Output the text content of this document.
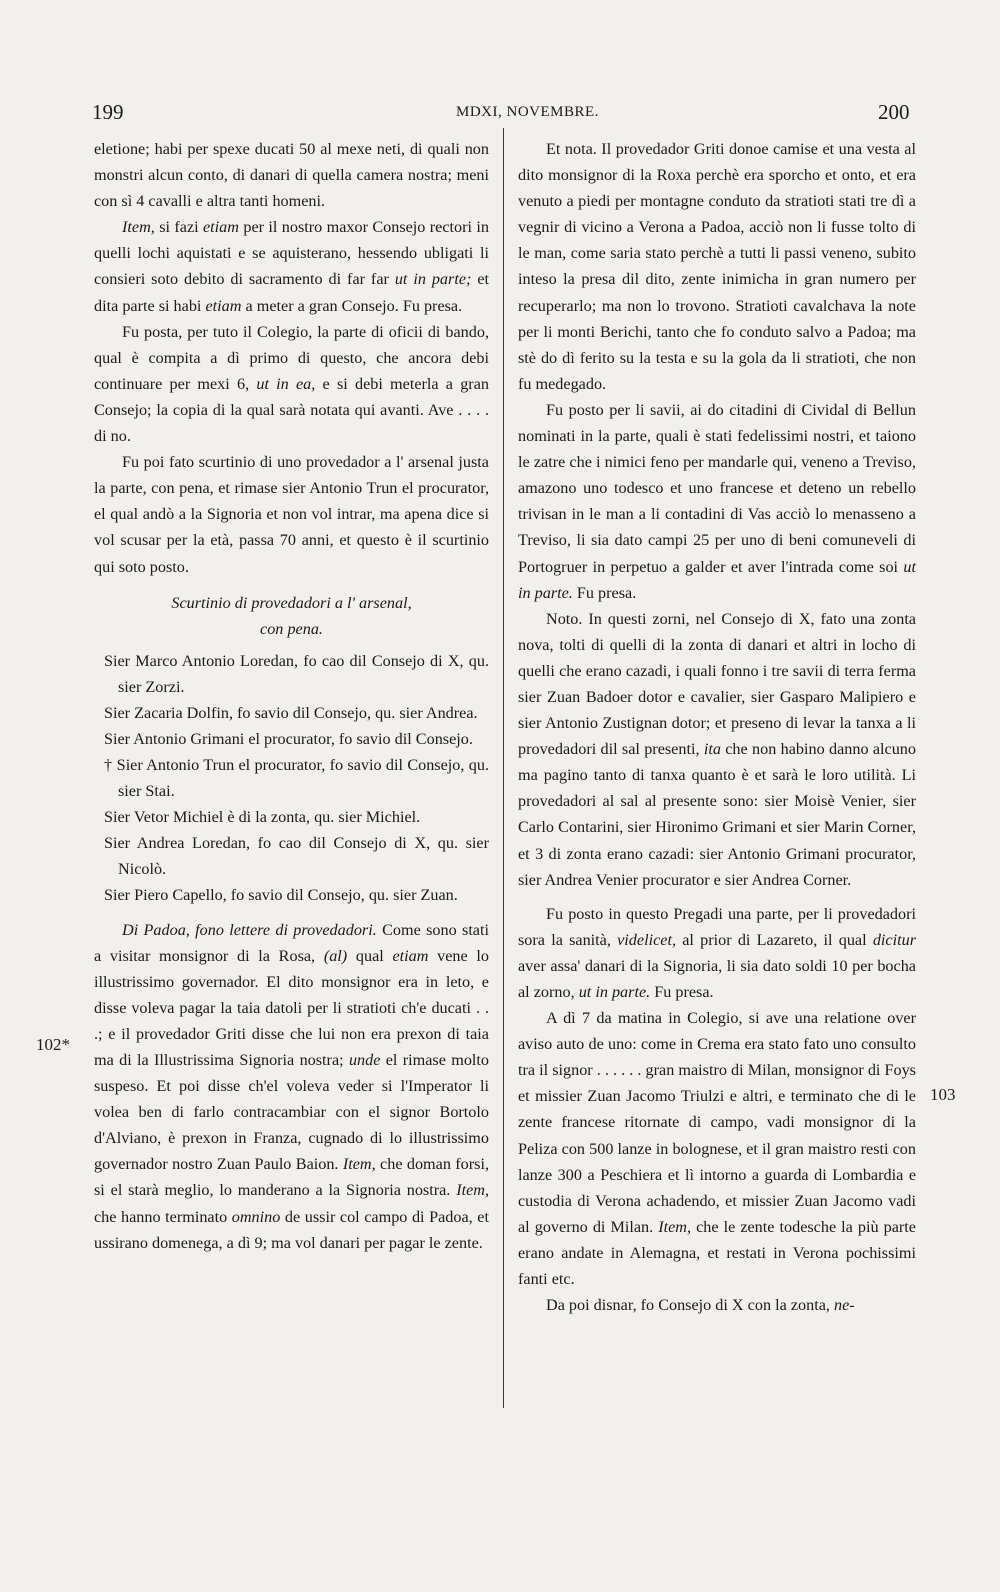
199	MDXI, NOVEMBRE.	200
102*
103

eletione; habi per spexe ducati 50 al mexe neti, di quali non monstri alcun conto, di danari di quella camera nostra; meni con sì 4 cavalli e altra tanti homeni.

Item, si fazi etiam per il nostro maxor Consejo rectori in quelli lochi aquistati e se aquisterano, hessendo ubligati li consieri soto debito di sacramento di far far ut in parte; et dita parte si habi etiam a meter a gran Consejo. Fu presa.

Fu posta, per tuto il Colegio, la parte di oficii di bando, qual è compita a dì primo di questo, che ancora debi continuare per mexi 6, ut in ea, e si debi meterla a gran Consejo; la copia di la qual sarà notata qui avanti. Ave . . . . di no.

Fu poi fato scurtinio di uno provedador a l' arsenal justa la parte, con pena, et rimase sier Antonio Trun el procurator, el qual andò a la Signoria et non vol intrar, ma apena dice si vol scusar per la età, passa 70 anni, et questo è il scurtinio qui soto posto.

Scurtinio di provedadori a l' arsenal,
con pena.

Sier Marco Antonio Loredan, fo cao dil Consejo di X, qu. sier Zorzi.

Sier Zacaria Dolfin, fo savio dil Consejo, qu. sier Andrea.

Sier Antonio Grimani el procurator, fo savio dil Consejo.

† Sier Antonio Trun el procurator, fo savio dil Consejo, qu. sier Stai.

Sier Vetor Michiel è di la zonta, qu. sier Michiel.

Sier Andrea Loredan, fo cao dil Consejo di X, qu. sier Nicolò.

Sier Piero Capello, fo savio dil Consejo, qu. sier Zuan.

Di Padoa, fono lettere di provedadori. Come sono stati a visitar monsignor di la Rosa, (al) qual etiam vene lo illustrissimo governador. El dito monsignor era in leto, e disse voleva pagar la taia datoli per li stratioti ch'e ducati . . .; e il provedador Griti disse che lui non era prexon di taia ma di la Illustrissima Signoria nostra; unde el rimase molto suspeso. Et poi disse ch'el voleva veder si l'Imperator li volea ben di farlo contracambiar con el signor Bortolo d'Alviano, è prexon in Franza, cugnado di lo illustrissimo governador nostro Zuan Paulo Baion. Item, che doman forsi, si el starà meglio, lo manderano a la Signoria nostra. Item, che hanno terminato omnino de ussir col campo di Padoa, et ussirano domenega, a dì 9; ma vol danari per pagar le zente.

Et nota. Il provedador Griti donoe camise et una vesta al dito monsignor di la Roxa perchè era sporcho et onto, et era venuto a piedi per montagne conduto da stratioti stati tre dì a vegnir di vicino a Verona a Padoa, acciò non li fusse tolto di le man, come saria stato perchè a tutti li passi veneno, subito inteso la presa dil dito, zente inimicha in gran numero per recuperarlo; ma non lo trovono. Stratioti cavalchava la note per li monti Berichi, tanto che fo conduto salvo a Padoa; ma stè do dì ferito su la testa e su la gola da li stratioti, che non fu medegado.

Fu posto per li savii, ai do citadini di Cividal di Bellun nominati in la parte, quali è stati fedelissimi nostri, et taiono le zatre che i nimici feno per mandarle qui, veneno a Treviso, amazono uno todesco et uno francese et deteno un rebello trivisan in le man a li contadini di Vas acciò lo menasseno a Treviso, li sia dato campi 25 per uno di beni comuneveli di Portogruer in perpetuo a galder et aver l'intrada come soi ut in parte. Fu presa.

Noto. In questi zorni, nel Consejo di X, fato una zonta nova, tolti di quelli di la zonta di danari et altri in locho di quelli che erano cazadi, i quali fonno i tre savii di terra ferma sier Zuan Badoer dotor e cavalier, sier Gasparo Malipiero e sier Antonio Zustignan dotor; et preseno di levar la tanxa a li provedadori dil sal presenti, ita che non habino danno alcuno ma pagino tanto di tanxa quanto è et sarà le loro utilità. Li provedadori al sal al presente sono: sier Moisè Venier, sier Carlo Contarini, sier Hironimo Grimani et sier Marin Corner, et 3 di zonta erano cazadi: sier Antonio Grimani procurator, sier Andrea Venier procurator e sier Andrea Corner.

Fu posto in questo Pregadi una parte, per li provedadori sora la sanità, videlicet, al prior di Lazareto, il qual dicitur aver assa' danari di la Signoria, li sia dato soldi 10 per bocha al zorno, ut in parte. Fu presa.

A dì 7 da matina in Colegio, si ave una relatione over aviso auto de uno: come in Crema era stato fato uno consulto tra il signor . . . . . . gran maistro di Milan, monsignor di Foys et missier Zuan Jacomo Triulzi e altri, e terminato che di le zente francese ritornate di campo, vadi monsignor di la Peliza con 500 lanze in bolognese, et il gran maistro resti con lanze 300 a Peschiera et lì intorno a guarda di Lombardia e custodia di Verona achadendo, et missier Zuan Jacomo vadi al governo di Milan. Item, che le zente todesche la più parte erano andate in Alemagna, et restati in Verona pochissimi fanti etc.

Da poi disnar, fo Consejo di X con la zonta, ne-
